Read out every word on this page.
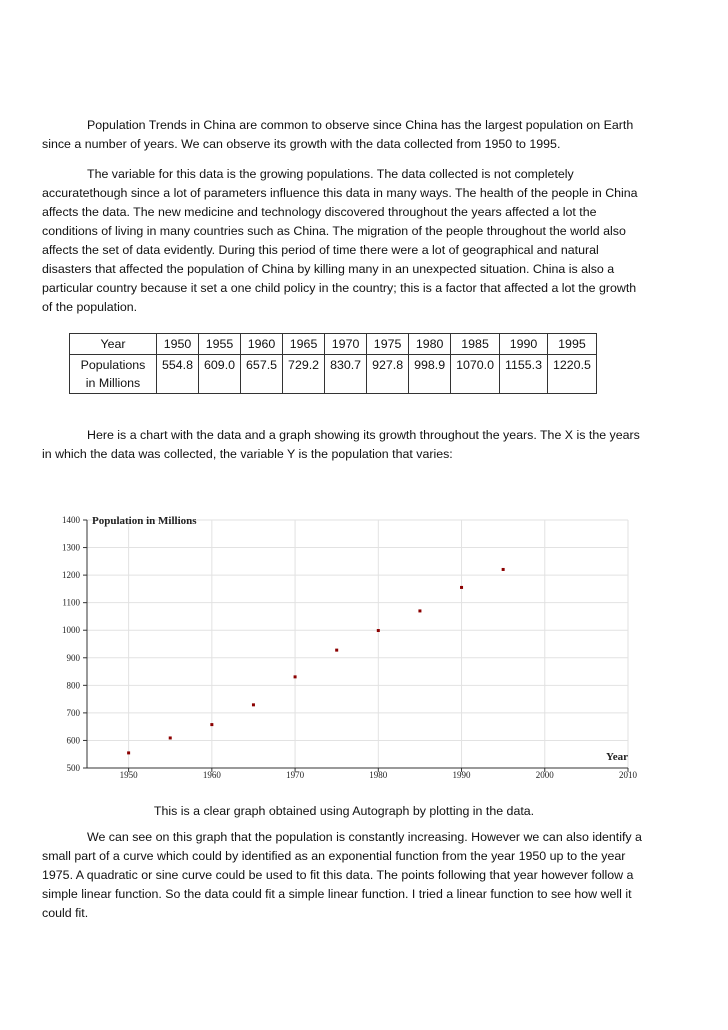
Population Trends in China are common to observe since China has the largest population on Earth since a number of years. We can observe its growth with the data collected from 1950 to 1995.

The variable for this data is the growing populations. The data collected is not completely accuratethough since a lot of parameters influence this data in many ways. The health of the people in China affects the data. The new medicine and technology discovered throughout the years affected a lot the conditions of living in many countries such as China. The migration of the people throughout the world also affects the set of data evidently. During this period of time there were a lot of geographical and natural disasters that affected the population of China by killing many in an unexpected situation. China is also a particular country because it set a one child policy in the country; this is a factor that affected a lot the growth of the population.

Year	1950	1955	1960	1965	1970	1975	1980	1985	1990	1995
Populations in Millions	554.8	609.0	657.5	729.2	830.7	927.8	998.9	1070.0	1155.3	1220.5

Here is a chart with the data and a graph showing its growth throughout the years. The X is the years in which the data was collected, the variable Y is the population that varies:

500
600
700
800
900
1000
1100
1200
1300
1400
1950	1960	1970	1980	1990	2000	2010
Population in Millions
Year
This is a clear graph obtained using Autograph by plotting in the data.

We can see on this graph that the population is constantly increasing. However we can also identify a small part of a curve which could by identified as an exponential function from the year 1950 up to the year 1975. A quadratic or sine curve could be used to fit this data. The points following that year however follow a simple linear function. So the data could fit a simple linear function. I tried a linear function to see how well it could fit.
